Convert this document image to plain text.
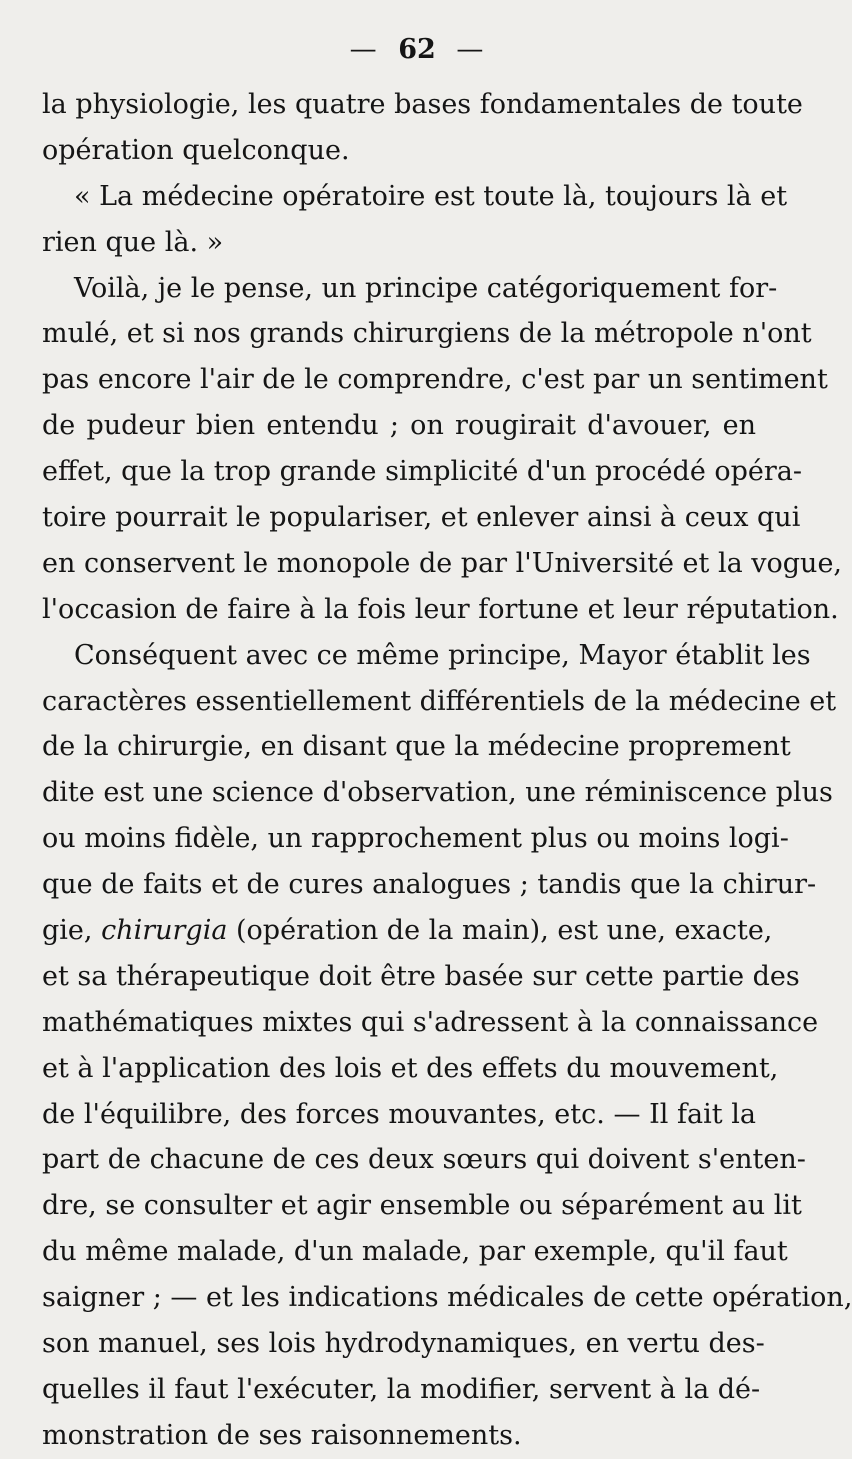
— 62 —
la physiologie, les quatre bases fondamentales de toute
opération quelconque.
« La médecine opératoire est toute là, toujours là et
rien que là. »
Voilà, je le pense, un principe catégoriquement for-
mulé, et si nos grands chirurgiens de la métropole n'ont
pas encore l'air de le comprendre, c'est par un sentiment
de pudeur bien entendu ; on rougirait d'avouer, en
effet, que la trop grande simplicité d'un procédé opéra-
toire pourrait le populariser, et enlever ainsi à ceux qui
en conservent le monopole de par l'Université et la vogue,
l'occasion de faire à la fois leur fortune et leur réputation.
Conséquent avec ce même principe, Mayor établit les
caractères essentiellement différentiels de la médecine et
de la chirurgie, en disant que la médecine proprement
dite est une science d'observation, une réminiscence plus
ou moins fidèle, un rapprochement plus ou moins logi-
que de faits et de cures analogues ; tandis que la chirur-
gie, chirurgia (opération de la main), est une, exacte,
et sa thérapeutique doit être basée sur cette partie des
mathématiques mixtes qui s'adressent à la connaissance
et à l'application des lois et des effets du mouvement,
de l'équilibre, des forces mouvantes, etc. — Il fait la
part de chacune de ces deux sœurs qui doivent s'enten-
dre, se consulter et agir ensemble ou séparément au lit
du même malade, d'un malade, par exemple, qu'il faut
saigner ; — et les indications médicales de cette opération,
son manuel, ses lois hydrodynamiques, en vertu des-
quelles il faut l'exécuter, la modifier, servent à la dé-
monstration de ses raisonnements.
